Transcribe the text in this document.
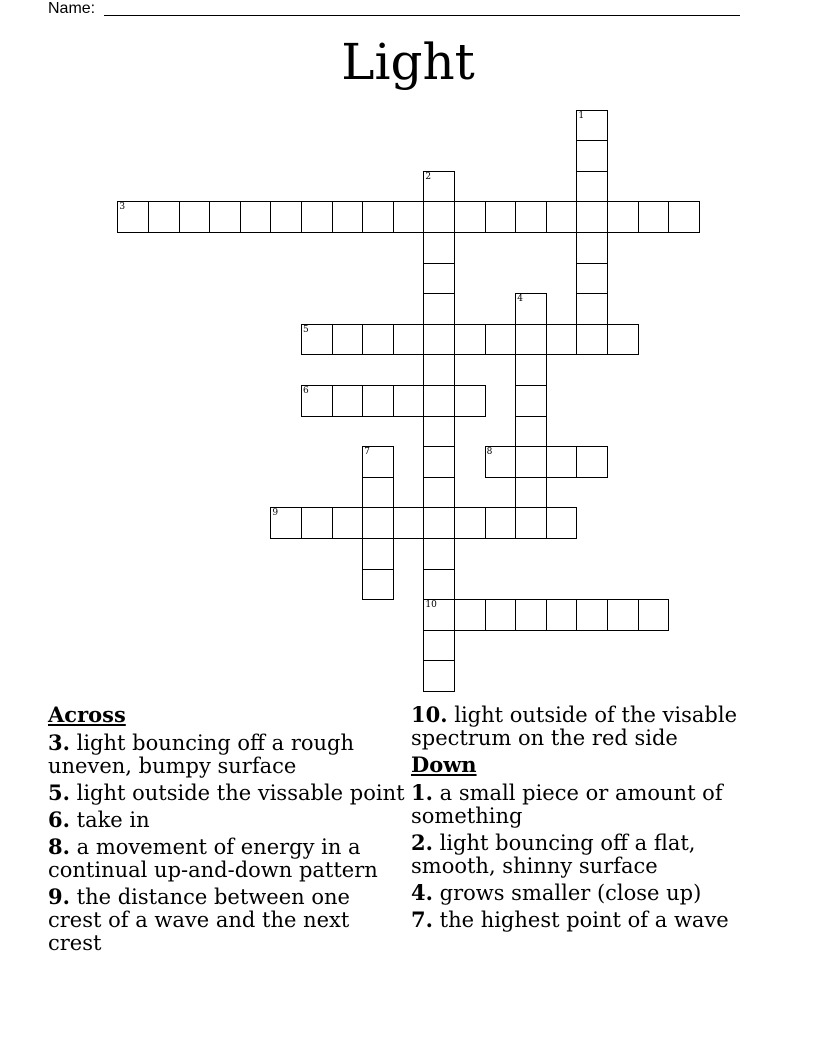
Name:
Light
1
2
10
3
4
5
6
7	8
9
Across
3. light bouncing off a rough uneven, bumpy surface
5. light outside the vissable point
6. take in
8. a movement of energy in a continual up-and-down pattern
9. the distance between one crest of a wave and the next crest
10. light outside of the visable spectrum on the red side
Down
1. a small piece or amount of something
2. light bouncing off a flat, smooth, shinny surface
4. grows smaller (close up)
7. the highest point of a wave
